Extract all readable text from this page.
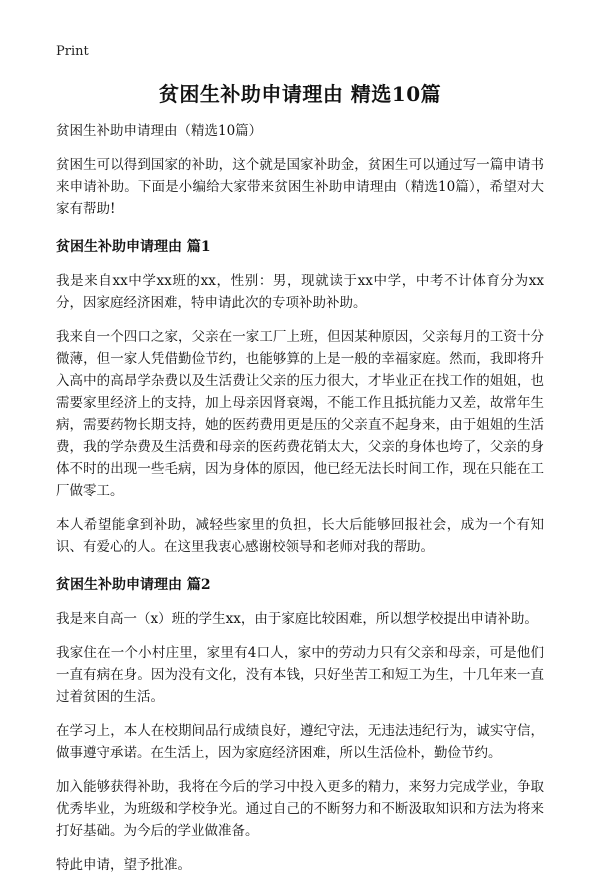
Print
贫困生补助申请理由 精选10篇

贫困生补助申请理由（精选10篇）

贫困生可以得到国家的补助，这个就是国家补助金，贫困生可以通过写一篇申请书来申请补助。下面是小编给大家带来贫困生补助申请理由（精选10篇），希望对大家有帮助!

贫困生补助申请理由 篇1

我是来自xx中学xx班的xx，性别：男，现就读于xx中学，中考不计体育分为xx分，因家庭经济困难，特申请此次的专项补助补助。

我来自一个四口之家，父亲在一家工厂上班，但因某种原因，父亲每月的工资十分微薄，但一家人凭借勤俭节约，也能够算的上是一般的幸福家庭。然而，我即将升入高中的高昂学杂费以及生活费让父亲的压力很大，才毕业正在找工作的姐姐，也需要家里经济上的支持，加上母亲因肾衰竭，不能工作且抵抗能力又差，故常年生病，需要药物长期支持，她的医药费用更是压的父亲直不起身来，由于姐姐的生活费，我的学杂费及生活费和母亲的医药费花销太大，父亲的身体也垮了，父亲的身体不时的出现一些毛病，因为身体的原因，他已经无法长时间工作，现在只能在工厂做零工。

本人希望能拿到补助，减轻些家里的负担，长大后能够回报社会，成为一个有知识、有爱心的人。在这里我衷心感谢校领导和老师对我的帮助。

贫困生补助申请理由 篇2

我是来自高一（x）班的学生xx，由于家庭比较困难，所以想学校提出申请补助。

我家住在一个小村庄里，家里有4口人，家中的劳动力只有父亲和母亲，可是他们一直有病在身。因为没有文化，没有本钱，只好坐苦工和短工为生，十几年来一直过着贫困的生活。

在学习上，本人在校期间品行成绩良好，遵纪守法，无违法违纪行为，诚实守信，做事遵守承诺。在生活上，因为家庭经济困难，所以生活俭朴，勤俭节约。

加入能够获得补助，我将在今后的学习中投入更多的精力，来努力完成学业，争取优秀毕业，为班级和学校争光。通过自己的不断努力和不断汲取知识和方法为将来打好基础。为今后的学业做准备。

特此申请，望予批准。
